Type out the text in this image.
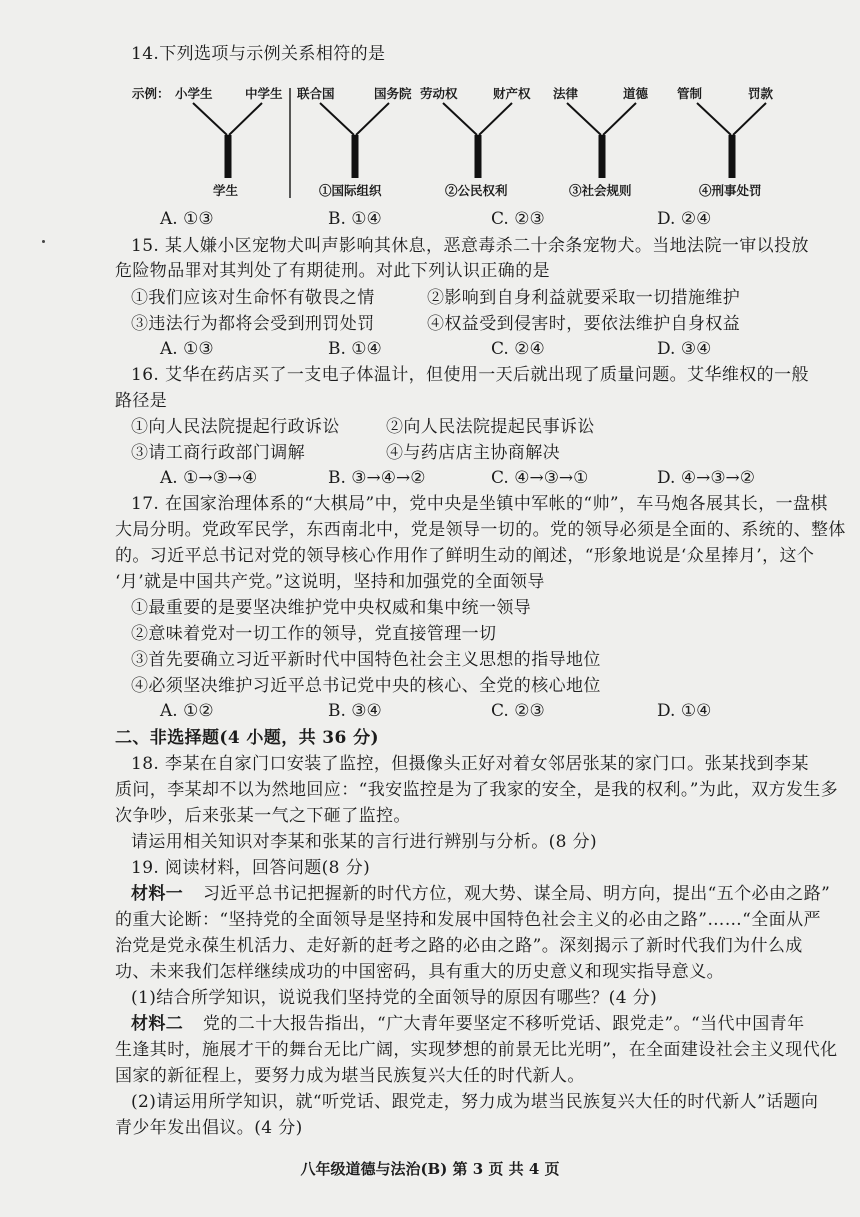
14.下列选项与示例关系相符的是
示例： 小学生	中学生
学生
联合国	国务院
①国际组织
劳动权	财产权
②公民权利
法律	道德
③社会规则
管制	罚款
④刑事处罚
A. ①③	B. ①④	C. ②③	D. ②④
15. 某人嫌小区宠物犬叫声影响其休息，恶意毒杀二十余条宠物犬。当地法院一审以投放
危险物品罪对其判处了有期徒刑。对此下列认识正确的是
①我们应该对生命怀有敬畏之情	②影响到自身利益就要采取一切措施维护
③违法行为都将会受到刑罚处罚	④权益受到侵害时，要依法维护自身权益
A. ①③	B. ①④	C. ②④	D. ③④
16. 艾华在药店买了一支电子体温计，但使用一天后就出现了质量问题。艾华维权的一般
路径是
①向人民法院提起行政诉讼	②向人民法院提起民事诉讼
③请工商行政部门调解	④与药店店主协商解决
A. ①→③→④	B. ③→④→②	C. ④→③→①	D. ④→③→②
17. 在国家治理体系的“大棋局”中，党中央是坐镇中军帐的“帅”，车马炮各展其长，一盘棋
大局分明。党政军民学，东西南北中，党是领导一切的。党的领导必须是全面的、系统的、整体
的。习近平总书记对党的领导核心作用作了鲜明生动的阐述，“形象地说是‘众星捧月’，这个
‘月’就是中国共产党。”这说明，坚持和加强党的全面领导
①最重要的是要坚决维护党中央权威和集中统一领导
②意味着党对一切工作的领导，党直接管理一切
③首先要确立习近平新时代中国特色社会主义思想的指导地位
④必须坚决维护习近平总书记党中央的核心、全党的核心地位
A. ①②	B. ③④	C. ②③	D. ①④
二、非选择题(4 小题，共 36 分)
18. 李某在自家门口安装了监控，但摄像头正好对着女邻居张某的家门口。张某找到李某
质问，李某却不以为然地回应：“我安监控是为了我家的安全，是我的权利。”为此，双方发生多
次争吵，后来张某一气之下砸了监控。
请运用相关知识对李某和张某的言行进行辨别与分析。(8 分)
19. 阅读材料，回答问题(8 分)
材料一 习近平总书记把握新的时代方位，观大势、谋全局、明方向，提出“五个必由之路”
的重大论断：“坚持党的全面领导是坚持和发展中国特色社会主义的必由之路”……“全面从严
治党是党永葆生机活力、走好新的赶考之路的必由之路”。深刻揭示了新时代我们为什么成
功、未来我们怎样继续成功的中国密码，具有重大的历史意义和现实指导意义。
(1)结合所学知识，说说我们坚持党的全面领导的原因有哪些？(4 分)
材料二 党的二十大报告指出，“广大青年要坚定不移听党话、跟党走”。“当代中国青年
生逢其时，施展才干的舞台无比广阔，实现梦想的前景无比光明”，在全面建设社会主义现代化
国家的新征程上，要努力成为堪当民族复兴大任的时代新人。
(2)请运用所学知识，就“听党话、跟党走，努力成为堪当民族复兴大任的时代新人”话题向
青少年发出倡议。(4 分)
八年级道德与法治(B) 第 3 页 共 4 页
